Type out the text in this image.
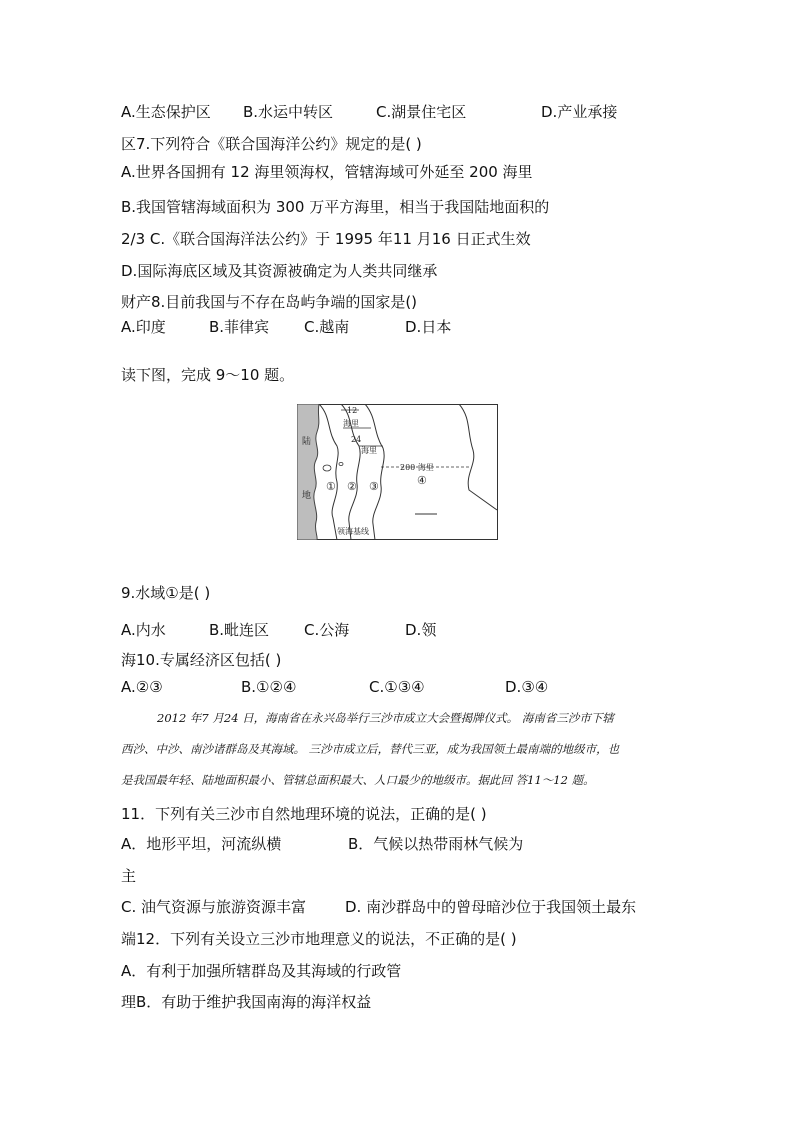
A.生态保护区 B.水运中转区	C.湖景住宅区	D.产业承接
区7.下列符合《联合国海洋公约》规定的是( )
A.世界各国拥有 12 海里领海权，管辖海域可外延至 200 海里
B.我国管辖海域面积为 300 万平方海里，相当于我国陆地面积的
2/3 C.《联合国海洋法公约》于 1995 年11 月16 日正式生效
D.国际海底区域及其资源被确定为人类共同继承
财产8.目前我国与不存在岛屿争端的国家是()
A.印度	B.菲律宾 C.越南	D.日本
读下图，完成 9～10 题。
陆
地
12
海里
24
海里
200 海里
① ② ③	④
领海基线
9.水域①是( )
A.内水	B.毗连区 C.公海	D.领
海10.专属经济区包括( )
A.②③	B.①②④	C.①③④	D.③④
2012 年7 月24 日，海南省在永兴岛举行三沙市成立大会暨揭牌仪式。 海南省三沙市下辖
西沙、中沙、南沙诸群岛及其海域。 三沙市成立后，替代三亚，成为我国领土最南端的地级市，也
是我国最年轻、陆地面积最小、管辖总面积最大、人口最少的地级市。据此回 答11～12 题。
11．下列有关三沙市自然地理环境的说法，正确的是( )
A．地形平坦，河流纵横	B．气候以热带雨林气候为
主
C. 油气资源与旅游资源丰富	D. 南沙群岛中的曾母暗沙位于我国领土最东
端12．下列有关设立三沙市地理意义的说法，不正确的是( )
A．有利于加强所辖群岛及其海域的行政管
理B．有助于维护我国南海的海洋权益
